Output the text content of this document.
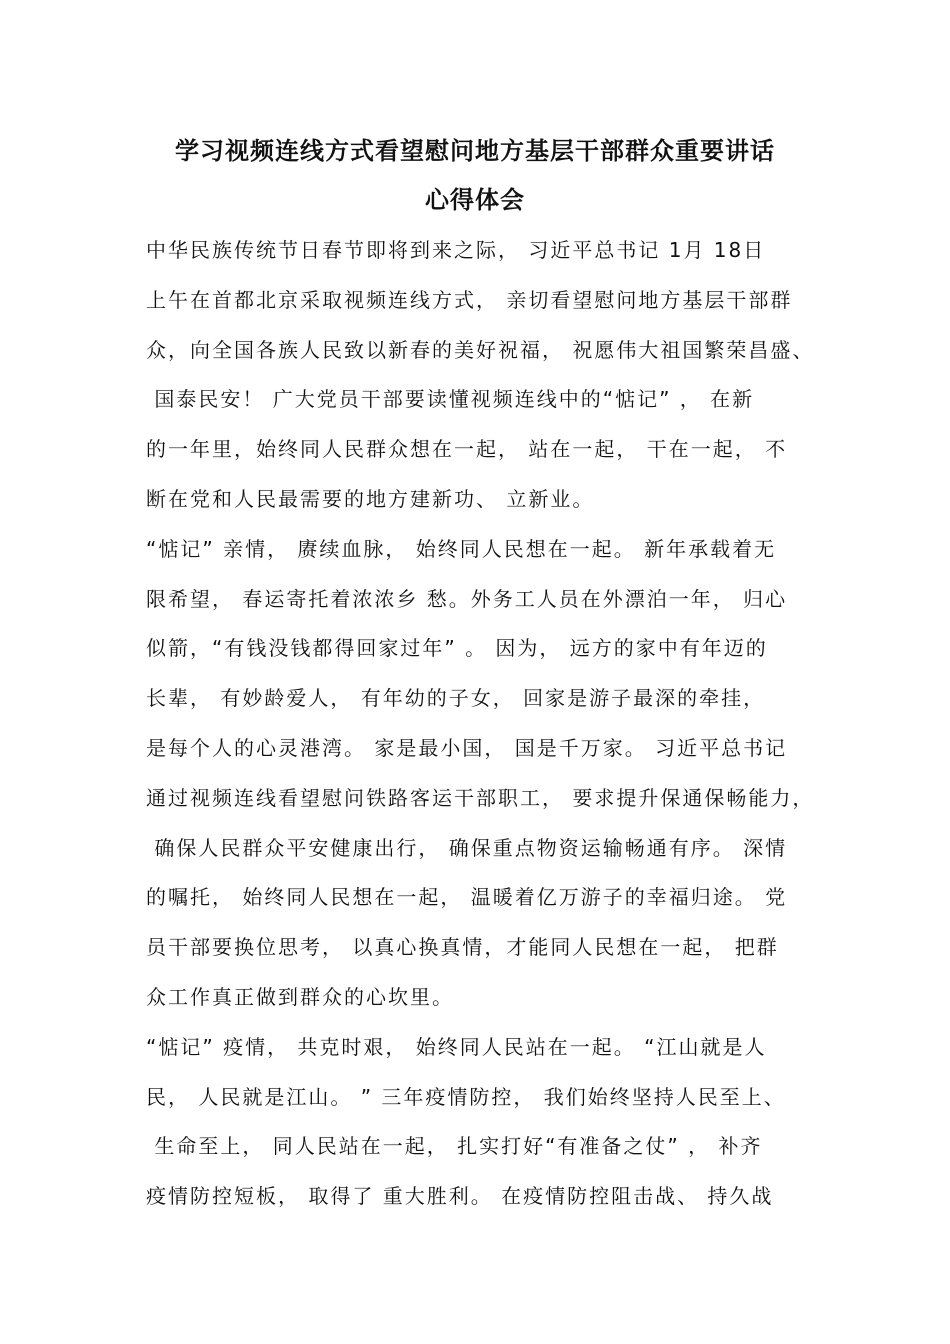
学习视频连线方式看望慰问地方基层干部群众重要讲话
心得体会
中华民族传统节日春节即将到来之际， 习近平总书记 1月 18日
上午在首都北京采取视频连线方式， 亲切看望慰问地方基层干部群
众，向全国各族人民致以新春的美好祝福， 祝愿伟大祖国繁荣昌盛、
国泰民安！ 广大党员干部要读懂视频连线中的“惦记” ， 在新
的一年里，始终同人民群众想在一起， 站在一起， 干在一起， 不
断在党和人民最需要的地方建新功、 立新业。
“惦记” 亲情， 赓续血脉， 始终同人民想在一起。 新年承载着无
限希望， 春运寄托着浓浓乡 愁。外务工人员在外漂泊一年， 归心
似箭，“有钱没钱都得回家过年” 。 因为， 远方的家中有年迈的
长辈， 有妙龄爱人， 有年幼的子女， 回家是游子最深的牵挂，
是每个人的心灵港湾。 家是最小国， 国是千万家。 习近平总书记
通过视频连线看望慰问铁路客运干部职工， 要求提升保通保畅能力，
确保人民群众平安健康出行， 确保重点物资运输畅通有序。 深情
的嘱托， 始终同人民想在一起， 温暖着亿万游子的幸福归途。 党
员干部要换位思考， 以真心换真情，才能同人民想在一起， 把群
众工作真正做到群众的心坎里。
“惦记” 疫情， 共克时艰， 始终同人民站在一起。 “江山就是人
民， 人民就是江山。 ” 三年疫情防控， 我们始终坚持人民至上、
生命至上， 同人民站在一起， 扎实打好“有准备之仗” ， 补齐
疫情防控短板， 取得了 重大胜利。 在疫情防控阻击战、 持久战
